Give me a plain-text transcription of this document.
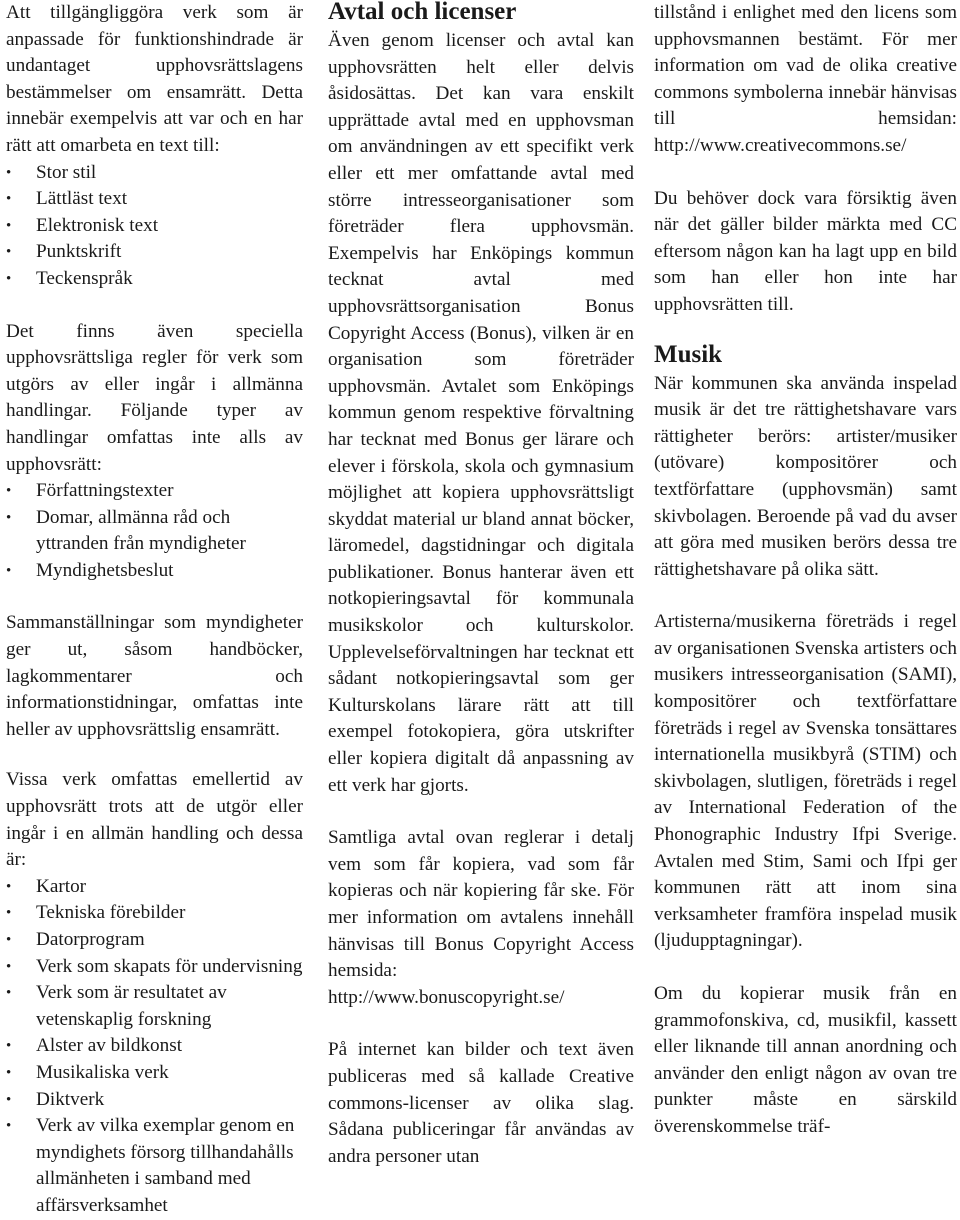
Att tillgängliggöra verk som är anpassade för funktionshindrade är undantaget upphovsrättslagens bestämmelser om ensamrätt. Detta innebär exempelvis att var och en har rätt att omarbeta en text till:

• Stor stil
• Lättläst text
• Elektronisk text
• Punktskrift
• Teckenspråk

Det finns även speciella upphovsrättsliga regler för verk som utgörs av eller ingår i allmänna handlingar. Följande typer av handlingar omfattas inte alls av upphovsrätt:

• Författningstexter
• Domar, allmänna råd och yttranden från myndigheter
• Myndighetsbeslut

Sammanställningar som myndigheter ger ut, såsom handböcker, lagkommentarer och informationstidningar, omfattas inte heller av upphovsrättslig ensamrätt.

Vissa verk omfattas emellertid av upphovsrätt trots att de utgör eller ingår i en allmän handling och dessa är:

• Kartor
• Tekniska förebilder
• Datorprogram
• Verk som skapats för undervisning
• Verk som är resultatet av vetenskaplig forskning
• Alster av bildkonst
• Musikaliska verk
• Diktverk
• Verk av vilka exemplar genom en myndighets försorg tillhandahålls allmänheten i samband med affärsverksamhet
Avtal och licenser

Även genom licenser och avtal kan upphovsrätten helt eller delvis åsidosättas. Det kan vara enskilt upprättade avtal med en upphovsman om användningen av ett specifikt verk eller ett mer omfattande avtal med större intresseorganisationer som företräder flera upphovsmän. Exempelvis har Enköpings kommun tecknat avtal med upphovsrättsorganisation Bonus Copyright Access (Bonus), vilken är en organisation som företräder upphovsmän. Avtalet som Enköpings kommun genom respektive förvaltning har tecknat med Bonus ger lärare och elever i förskola, skola och gymnasium möjlighet att kopiera upphovsrättsligt skyddat material ur bland annat böcker, läromedel, dagstidningar och digitala publikationer. Bonus hanterar även ett notkopieringsavtal för kommunala musikskolor och kulturskolor. Upplevelseförvaltningen har tecknat ett sådant notkopieringsavtal som ger Kulturskolans lärare rätt att till exempel fotokopiera, göra utskrifter eller kopiera digitalt då anpassning av ett verk har gjorts.

Samtliga avtal ovan reglerar i detalj vem som får kopiera, vad som får kopieras och när kopiering får ske. För mer information om avtalens innehåll hänvisas till Bonus Copyright Access hemsida: http://www.bonuscopyright.se/

På internet kan bilder och text även publiceras med så kallade Creative commons-licenser av olika slag. Sådana publiceringar får användas av andra personer utan

tillstånd i enlighet med den licens som upphovsmannen bestämt. För mer information om vad de olika creative commons symbolerna innebär hänvisas till hemsidan: http://www.creativecommons.se/

Du behöver dock vara försiktig även när det gäller bilder märkta med CC eftersom någon kan ha lagt upp en bild som han eller hon inte har upphovsrätten till.

Musik

När kommunen ska använda inspelad musik är det tre rättighetshavare vars rättigheter berörs: artister/musiker (utövare) kompositörer och textförfattare (upphovsmän) samt skivbolagen. Beroende på vad du avser att göra med musiken berörs dessa tre rättighetshavare på olika sätt.

Artisterna/musikerna företräds i regel av organisationen Svenska artisters och musikers intresseorganisation (SAMI), kompositörer och textförfattare företräds i regel av Svenska tonsättares internationella musikbyrå (STIM) och skivbolagen, slutligen, företräds i regel av International Federation of the Phonographic Industry Ifpi Sverige. Avtalen med Stim, Sami och Ifpi ger kommunen rätt att inom sina verksamheter framföra inspelad musik (ljudupptagningar).

Om du kopierar musik från en grammofonskiva, cd, musikfil, kassett eller liknande till annan anordning och använder den enligt någon av ovan tre punkter måste en särskild överenskommelse träf-
